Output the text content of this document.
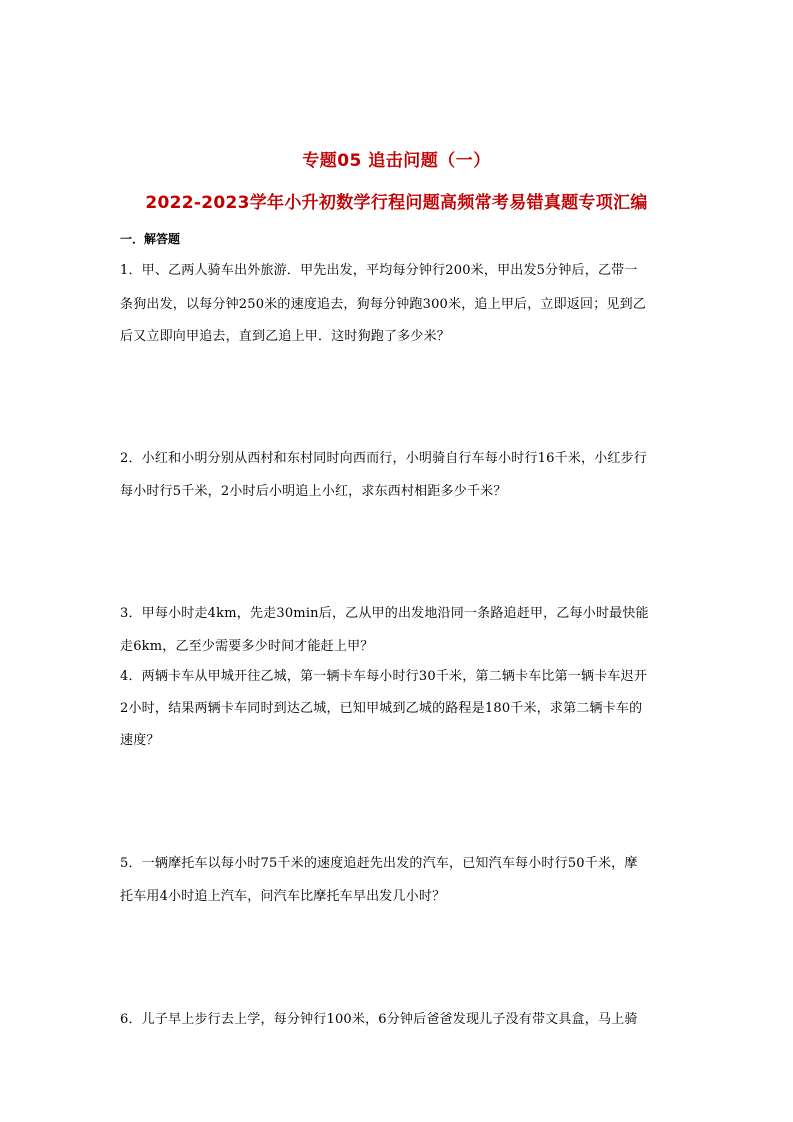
专题05 追击问题（一）
2022-2023学年小升初数学行程问题高频常考易错真题专项汇编
一．解答题
1．甲、乙两人骑车出外旅游．甲先出发，平均每分钟行200米，甲出发5分钟后，乙带一
条狗出发，以每分钟250米的速度追去，狗每分钟跑300米，追上甲后，立即返回；见到乙
后又立即向甲追去，直到乙追上甲．这时狗跑了多少米？
2．小红和小明分别从西村和东村同时向西而行，小明骑自行车每小时行16千米，小红步行
每小时行5千米，2小时后小明追上小红，求东西村相距多少千米？
3．甲每小时走4km，先走30min后，乙从甲的出发地沿同一条路追赶甲，乙每小时最快能
走6km，乙至少需要多少时间才能赶上甲？
4．两辆卡车从甲城开往乙城，第一辆卡车每小时行30千米，第二辆卡车比第一辆卡车迟开
2小时，结果两辆卡车同时到达乙城，已知甲城到乙城的路程是180千米，求第二辆卡车的
速度？
5．一辆摩托车以每小时75千米的速度追赶先出发的汽车，已知汽车每小时行50千米，摩
托车用4小时追上汽车，问汽车比摩托车早出发几小时？
6．儿子早上步行去上学，每分钟行100米，6分钟后爸爸发现儿子没有带文具盒，马上骑
